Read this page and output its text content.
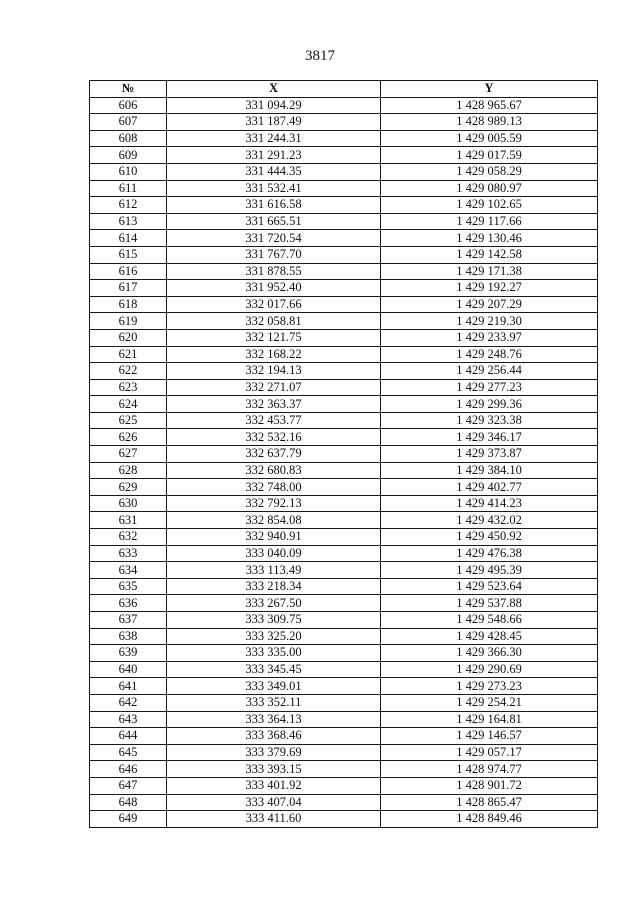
3817
№	X	Y
606	331 094.29	1 428 965.67
607	331 187.49	1 428 989.13
608	331 244.31	1 429 005.59
609	331 291.23	1 429 017.59
610	331 444.35	1 429 058.29
611	331 532.41	1 429 080.97
612	331 616.58	1 429 102.65
613	331 665.51	1 429 117.66
614	331 720.54	1 429 130.46
615	331 767.70	1 429 142.58
616	331 878.55	1 429 171.38
617	331 952.40	1 429 192.27
618	332 017.66	1 429 207.29
619	332 058.81	1 429 219.30
620	332 121.75	1 429 233.97
621	332 168.22	1 429 248.76
622	332 194.13	1 429 256.44
623	332 271.07	1 429 277.23
624	332 363.37	1 429 299.36
625	332 453.77	1 429 323.38
626	332 532.16	1 429 346.17
627	332 637.79	1 429 373.87
628	332 680.83	1 429 384.10
629	332 748.00	1 429 402.77
630	332 792.13	1 429 414.23
631	332 854.08	1 429 432.02
632	332 940.91	1 429 450.92
633	333 040.09	1 429 476.38
634	333 113.49	1 429 495.39
635	333 218.34	1 429 523.64
636	333 267.50	1 429 537.88
637	333 309.75	1 429 548.66
638	333 325.20	1 429 428.45
639	333 335.00	1 429 366.30
640	333 345.45	1 429 290.69
641	333 349.01	1 429 273.23
642	333 352.11	1 429 254.21
643	333 364.13	1 429 164.81
644	333 368.46	1 429 146.57
645	333 379.69	1 429 057.17
646	333 393.15	1 428 974.77
647	333 401.92	1 428 901.72
648	333 407.04	1 428 865.47
649	333 411.60	1 428 849.46
